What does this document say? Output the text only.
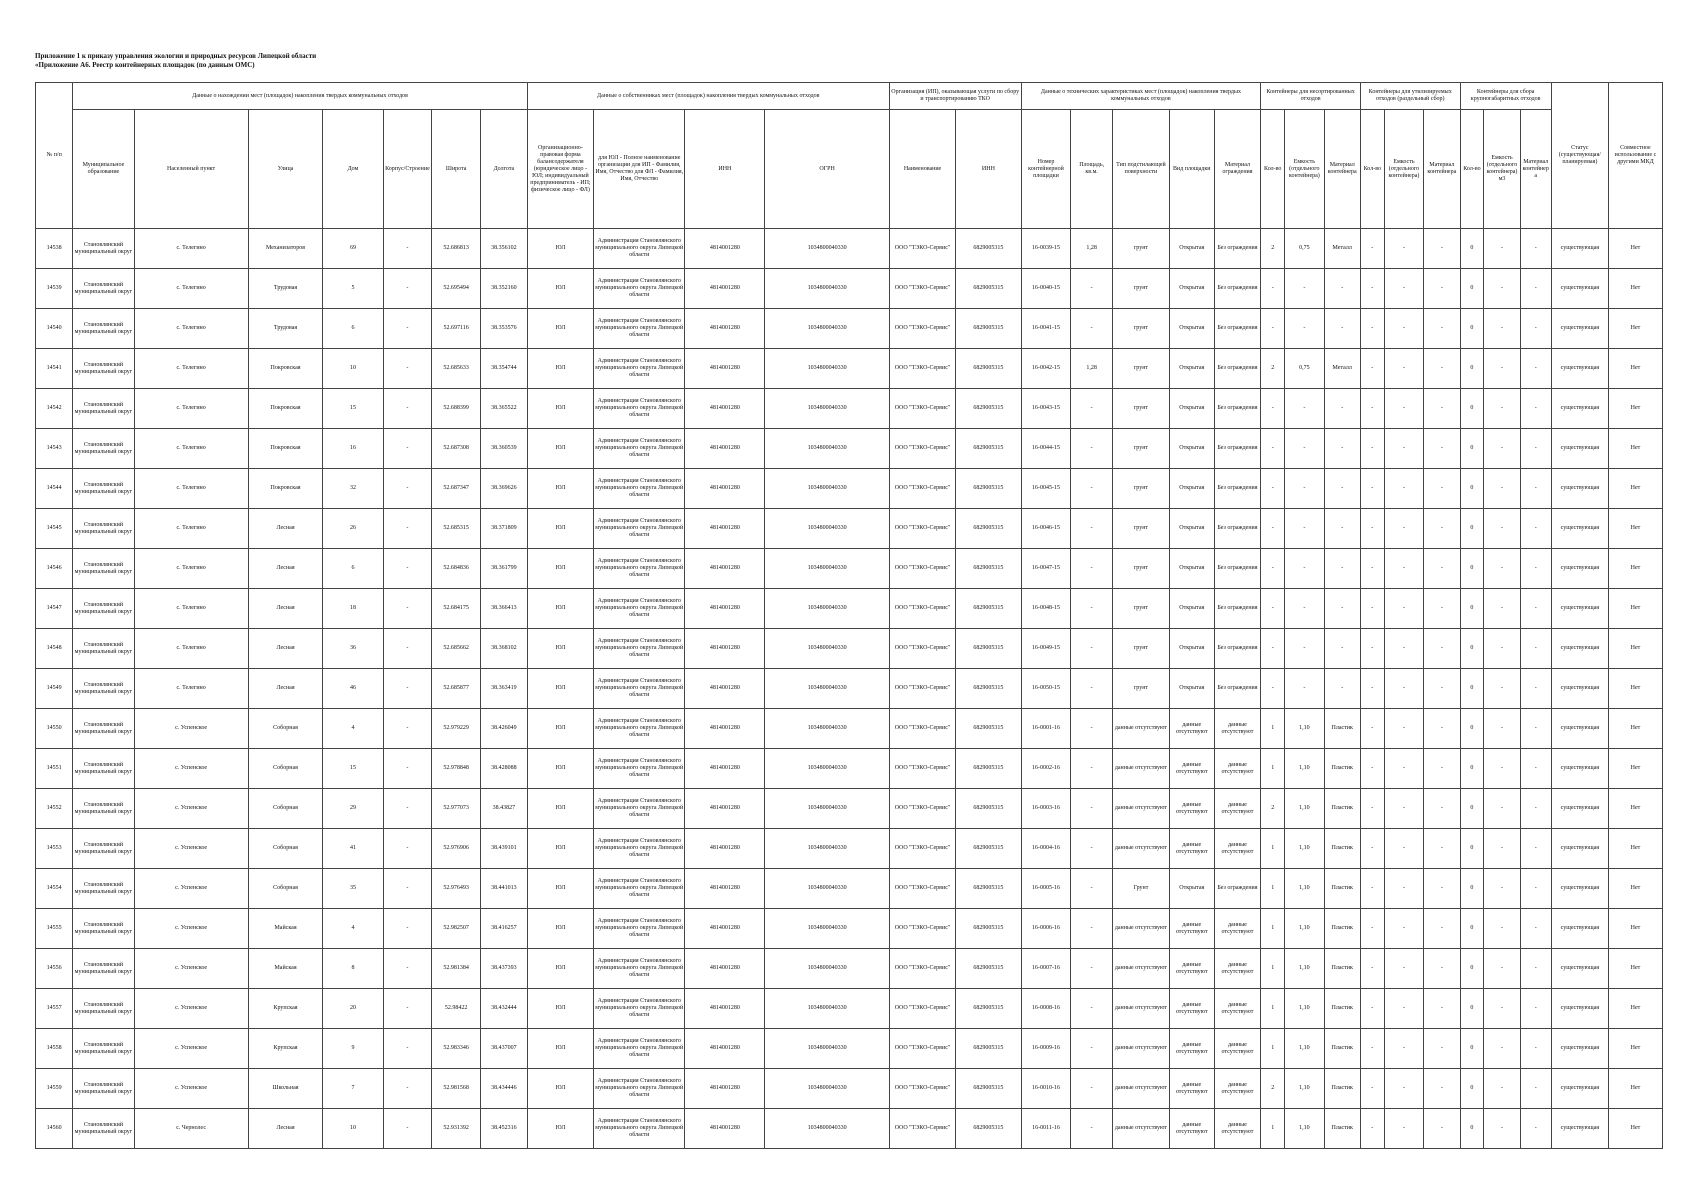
Приложение 1 к приказу управления экологии и природных ресурсов Липецкой области
«Приложение А6. Реестр контейнерных площадок (по данным ОМС)
№ п/п	Данные о нахождении мест (площадок) накопления твердых коммунальных отходов							Данные о собственниках мест (площадок) накопления твердых коммунальных отходов				Организация (ИП), оказывающая услуги по сбору и транспортированию ТКО		Данные о технических характеристиках мест (площадок) накопления твердых коммунальных отходов					Контейнеры для несортированных отходов			Контейнеры для утилизируемых отходов (раздельный сбор)			Контейнеры для сбора крупногабаритных отходов			Статус (существующая/ планируемая)	Совместное использование с другими МКД
	Муниципальное образование	Населенный пункт	Улица	Дом	Корпус/Строение	Широта	Долгота	Организационно-правовая форма балансодержателя (юридическое лицо - ЮЛ; индивидуальный предприниматель - ИП; физическое лицо - ФЛ)	для ЮЛ - Полное наименование организации для ИП - Фамилия, Имя, Отчество для ФЛ - Фамилия, Имя, Отчество	ИНН	ОГРН	Наименование	ИНН	Номер контейнерной площадки	Площадь, кв.м.	Тип подстилающей поверхности	Вид площадки	Материал ограждения	Кол-во	Емкость (отдельного контейнера)	Материал контейнера	Кол-во	Емкость (отдельного контейнера)	Материал контейнера	Кол-во	Емкость (отдельного контейнера) м3	Материал контейнера		
14538	Становлянский муниципальный округ	с. Телегино	Механизаторов	69	-	52.686813	38.356102	ЮЛ	Администрация Становлянского муниципального округа Липецкой области	4814001280	1034800040330	ООО "ТЭКО-Сервис"	6829005315	16-0039-15	1,28	грунт	Открытая	Без ограждения	2	0,75	Металл	-	-	-	0	-	-	существующая	Нет
14539	Становлянский муниципальный округ	с. Телегино	Трудовая	5	-	52.695494	38.352160	ЮЛ	Администрация Становлянского муниципального округа Липецкой области	4814001280	1034800040330	ООО "ТЭКО-Сервис"	6829005315	16-0040-15	-	грунт	Открытая	Без ограждения	-	-	-	-	-	-	0	-	-	существующая	Нет
14540	Становлянский муниципальный округ	с. Телегино	Трудовая	6	-	52.697116	38.353576	ЮЛ	Администрация Становлянского муниципального округа Липецкой области	4814001280	1034800040330	ООО "ТЭКО-Сервис"	6829005315	16-0041-15	-	грунт	Открытая	Без ограждения	-	-	-	-	-	-	0	-	-	существующая	Нет
14541	Становлянский муниципальный округ	с. Телегино	Покровская	10	-	52.685633	38.354744	ЮЛ	Администрация Становлянского муниципального округа Липецкой области	4814001280	1034800040330	ООО "ТЭКО-Сервис"	6829005315	16-0042-15	1,28	грунт	Открытая	Без ограждения	2	0,75	Металл	-	-	-	0	-	-	существующая	Нет
14542	Становлянский муниципальный округ	с. Телегино	Покровская	15	-	52.688399	38.365522	ЮЛ	Администрация Становлянского муниципального округа Липецкой области	4814001280	1034800040330	ООО "ТЭКО-Сервис"	6829005315	16-0043-15	-	грунт	Открытая	Без ограждения	-	-	-	-	-	-	0	-	-	существующая	Нет
14543	Становлянский муниципальный округ	с. Телегино	Покровская	16	-	52.687308	38.360539	ЮЛ	Администрация Становлянского муниципального округа Липецкой области	4814001280	1034800040330	ООО "ТЭКО-Сервис"	6829005315	16-0044-15	-	грунт	Открытая	Без ограждения	-	-	-	-	-	-	0	-	-	существующая	Нет
14544	Становлянский муниципальный округ	с. Телегино	Покровская	32	-	52.687347	38.369626	ЮЛ	Администрация Становлянского муниципального округа Липецкой области	4814001280	1034800040330	ООО "ТЭКО-Сервис"	6829005315	16-0045-15	-	грунт	Открытая	Без ограждения	-	-	-	-	-	-	0	-	-	существующая	Нет
14545	Становлянский муниципальный округ	с. Телегино	Лесная	26	-	52.685315	38.371809	ЮЛ	Администрация Становлянского муниципального округа Липецкой области	4814001280	1034800040330	ООО "ТЭКО-Сервис"	6829005315	16-0046-15	-	грунт	Открытая	Без ограждения	-	-	-	-	-	-	0	-	-	существующая	Нет
14546	Становлянский муниципальный округ	с. Телегино	Лесная	6	-	52.684836	38.361799	ЮЛ	Администрация Становлянского муниципального округа Липецкой области	4814001280	1034800040330	ООО "ТЭКО-Сервис"	6829005315	16-0047-15	-	грунт	Открытая	Без ограждения	-	-	-	-	-	-	0	-	-	существующая	Нет
14547	Становлянский муниципальный округ	с. Телегино	Лесная	18	-	52.684175	38.366413	ЮЛ	Администрация Становлянского муниципального округа Липецкой области	4814001280	1034800040330	ООО "ТЭКО-Сервис"	6829005315	16-0048-15	-	грунт	Открытая	Без ограждения	-	-	-	-	-	-	0	-	-	существующая	Нет
14548	Становлянский муниципальный округ	с. Телегино	Лесная	36	-	52.685662	38.368102	ЮЛ	Администрация Становлянского муниципального округа Липецкой области	4814001280	1034800040330	ООО "ТЭКО-Сервис"	6829005315	16-0049-15	-	грунт	Открытая	Без ограждения	-	-	-	-	-	-	0	-	-	существующая	Нет
14549	Становлянский муниципальный округ	с. Телегино	Лесная	46	-	52.685877	38.363419	ЮЛ	Администрация Становлянского муниципального округа Липецкой области	4814001280	1034800040330	ООО "ТЭКО-Сервис"	6829005315	16-0050-15	-	грунт	Открытая	Без ограждения	-	-	-	-	-	-	0	-	-	существующая	Нет
14550	Становлянский муниципальный округ	с. Успенское	Соборная	4	-	52.979229	38.426049	ЮЛ	Администрация Становлянского муниципального округа Липецкой области	4814001280	1034800040330	ООО "ТЭКО-Сервис"	6829005315	16-0001-16	-	данные отсутствуют	данные отсутствуют	данные отсутствуют	1	1,10	Пластик	-	-	-	0	-	-	существующая	Нет
14551	Становлянский муниципальный округ	с. Успенское	Соборная	15	-	52.978848	38.428088	ЮЛ	Администрация Становлянского муниципального округа Липецкой области	4814001280	1034800040330	ООО "ТЭКО-Сервис"	6829005315	16-0002-16	-	данные отсутствуют	данные отсутствуют	данные отсутствуют	1	1,10	Пластик	-	-	-	0	-	-	существующая	Нет
14552	Становлянский муниципальный округ	с. Успенское	Соборная	29	-	52.977073	38.43827	ЮЛ	Администрация Становлянского муниципального округа Липецкой области	4814001280	1034800040330	ООО "ТЭКО-Сервис"	6829005315	16-0003-16	-	данные отсутствуют	данные отсутствуют	данные отсутствуют	2	1,10	Пластик	-	-	-	0	-	-	существующая	Нет
14553	Становлянский муниципальный округ	с. Успенское	Соборная	41	-	52.976906	38.439101	ЮЛ	Администрация Становлянского муниципального округа Липецкой области	4814001280	1034800040330	ООО "ТЭКО-Сервис"	6829005315	16-0004-16	-	данные отсутствуют	данные отсутствуют	данные отсутствуют	1	1,10	Пластик	-	-	-	0	-	-	существующая	Нет
14554	Становлянский муниципальный округ	с. Успенское	Соборная	35	-	52.976493	38.441013	ЮЛ	Администрация Становлянского муниципального округа Липецкой области	4814001280	1034800040330	ООО "ТЭКО-Сервис"	6829005315	16-0005-16	-	Грунт	Открытая	Без ограждения	1	1,10	Пластик	-	-	-	0	-	-	существующая	Нет
14555	Становлянский муниципальный округ	с. Успенское	Майская	4	-	52.982507	38.416257	ЮЛ	Администрация Становлянского муниципального округа Липецкой области	4814001280	1034800040330	ООО "ТЭКО-Сервис"	6829005315	16-0006-16	-	данные отсутствуют	данные отсутствуют	данные отсутствуют	1	1,10	Пластик	-	-	-	0	-	-	существующая	Нет
14556	Становлянский муниципальный округ	с. Успенское	Майская	8	-	52.981384	38.437393	ЮЛ	Администрация Становлянского муниципального округа Липецкой области	4814001280	1034800040330	ООО "ТЭКО-Сервис"	6829005315	16-0007-16	-	данные отсутствуют	данные отсутствуют	данные отсутствуют	1	1,10	Пластик	-	-	-	0	-	-	существующая	Нет
14557	Становлянский муниципальный округ	с. Успенское	Крупская	20	-	52.98422	38.432444	ЮЛ	Администрация Становлянского муниципального округа Липецкой области	4814001280	1034800040330	ООО "ТЭКО-Сервис"	6829005315	16-0008-16	-	данные отсутствуют	данные отсутствуют	данные отсутствуют	1	1,10	Пластик	-	-	-	0	-	-	существующая	Нет
14558	Становлянский муниципальный округ	с. Успенское	Крупская	9	-	52.983346	38.437007	ЮЛ	Администрация Становлянского муниципального округа Липецкой области	4814001280	1034800040330	ООО "ТЭКО-Сервис"	6829005315	16-0009-16	-	данные отсутствуют	данные отсутствуют	данные отсутствуют	1	1,10	Пластик	-	-	-	0	-	-	существующая	Нет
14559	Становлянский муниципальный округ	с. Успенское	Школьная	7	-	52.981568	38.434446	ЮЛ	Администрация Становлянского муниципального округа Липецкой области	4814001280	1034800040330	ООО "ТЭКО-Сервис"	6829005315	16-0010-16	-	данные отсутствуют	данные отсутствуют	данные отсутствуют	2	1,10	Пластик	-	-	-	0	-	-	существующая	Нет
14560	Становлянский муниципальный округ	с. Чернолес	Лесная	10	-	52.931392	38.452316	ЮЛ	Администрация Становлянского муниципального округа Липецкой области	4814001280	1034800040330	ООО "ТЭКО-Сервис"	6829005315	16-0011-16	-	данные отсутствуют	данные отсутствуют	данные отсутствуют	1	1,10	Пластик	-	-	-	0	-	-	существующая	Нет
